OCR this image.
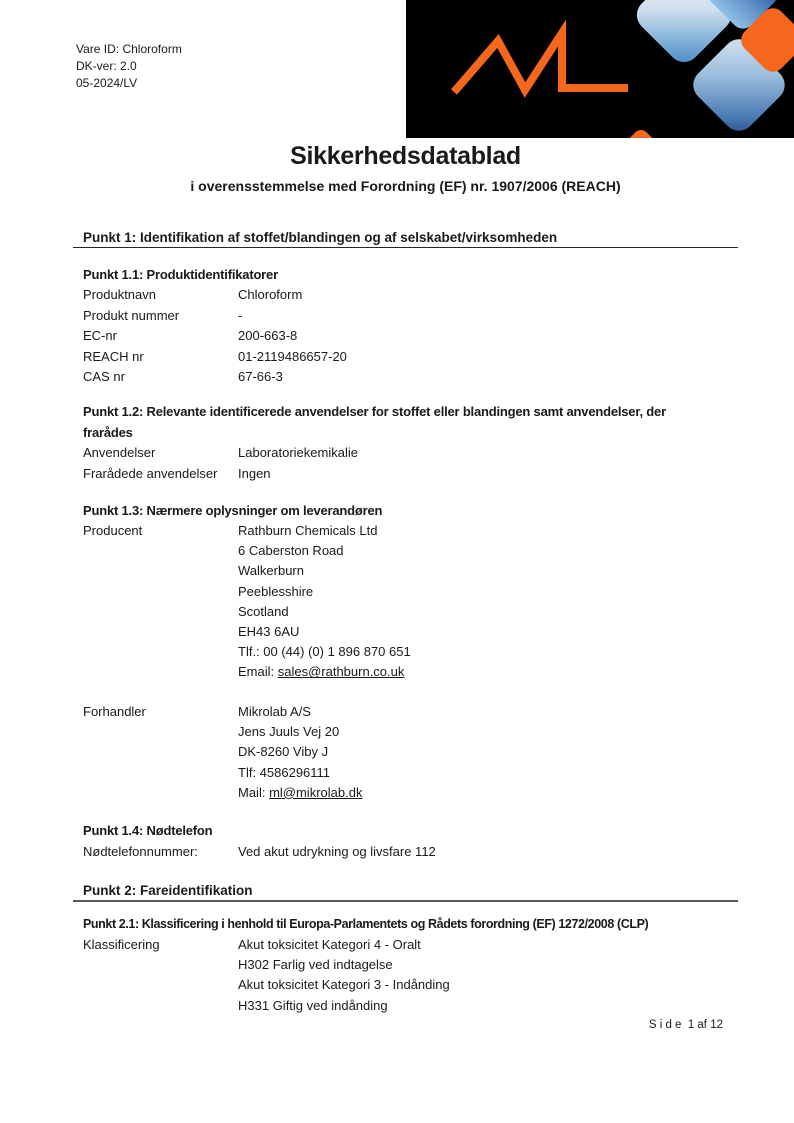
Vare ID: Chloroform
DK-ver: 2.0
05-2024/LV
Sikkerhedsdatablad
i overensstemmelse med Forordning (EF) nr. 1907/2006 (REACH)
Punkt 1: Identifikation af stoffet/blandingen og af selskabet/virksomheden
Punkt 1.1: Produktidentifikatorer
Produktnavn	Chloroform
Produkt nummer	-
EC-nr	200-663-8
REACH nr	01-2119486657-20
CAS nr	67-66-3
Punkt 1.2: Relevante identificerede anvendelser for stoffet eller blandingen samt anvendelser, der
frarådes
Anvendelser	Laboratoriekemikalie
Frarådede anvendelser	Ingen
Punkt 1.3: Nærmere oplysninger om leverandøren
Producent	Rathburn Chemicals Ltd
6 Caberston Road
Walkerburn
Peeblesshire
Scotland
EH43 6AU
Tlf.: 00 (44) (0) 1 896 870 651
Email: sales@rathburn.co.uk
Forhandler	Mikrolab A/S
Jens Juuls Vej 20
DK-8260 Viby J
Tlf: 4586296111
Mail: ml@mikrolab.dk
Punkt 1.4: Nødtelefon
Nødtelefonnummer:	Ved akut udrykning og livsfare 112
Punkt 2: Fareidentifikation
Punkt 2.1: Klassificering i henhold til Europa-Parlamentets og Rådets forordning (EF) 1272/2008 (CLP)
Klassificering	Akut toksicitet Kategori 4 - Oralt
H302 Farlig ved indtagelse
Akut toksicitet Kategori 3 - Indånding
H331 Giftig ved indånding
S i d e  1 af 12
